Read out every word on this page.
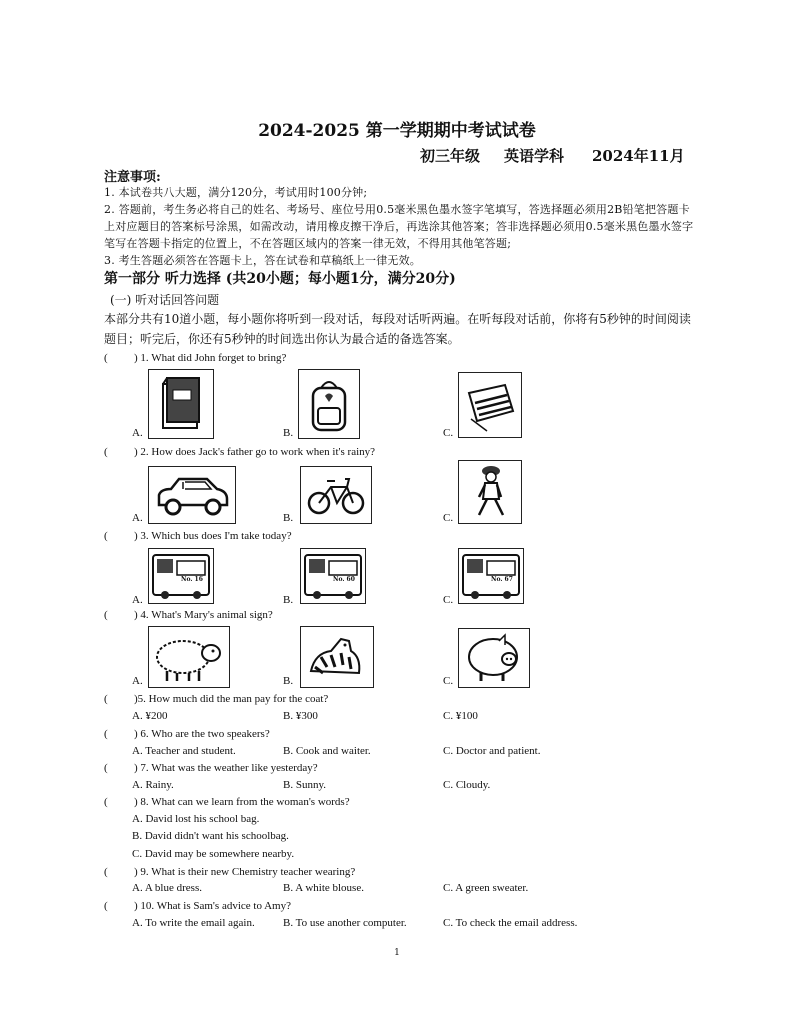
2024-2025 第一学期期中考试试卷
初三年级 英语学科 2024年11月
注意事项:
1. 本试卷共八大题，满分120分，考试用时100分钟;
2. 答题前，考生务必将自己的姓名、考场号、座位号用0.5毫米黑色墨水签字笔填写，答选择题必须用2B铅笔把答题卡上对应题目的答案标号涂黑，如需改动，请用橡皮擦干净后，再选涂其他答案；答非选择题必须用0.5毫米黑色墨水签字笔写在答题卡指定的位置上，不在答题区域内的答案一律无效，不得用其他笔答题;
3. 考生答题必须答在答题卡上，答在试卷和草稿纸上一律无效。
第一部分 听力选择 (共20小题；每小题1分，满分20分)
(一) 听对话回答问题
本部分共有10道小题，每小题你将听到一段对话，每段对话听两遍。在听每段对话前，你将有5秒钟的时间阅读题目；听完后，你还有5秒钟的时间选出你认为最合适的备选答案。
( ) 1. What did John forget to bring?
A.	B.	C.
( ) 2. How does Jack's father go to work when it's rainy?
A.	B.	C.
( ) 3. Which bus does I'm take today?
A.	B.	C.
No. 16	No. 60	No. 67
( ) 4. What's Mary's animal sign?
A.	B.	C.
( )5. How much did the man pay for the coat?
A. ¥200	B. ¥300	C. ¥100
( ) 6. Who are the two speakers?
A. Teacher and student.	B. Cook and waiter.	C. Doctor and patient.
( ) 7. What was the weather like yesterday?
A. Rainy.	B. Sunny.	C. Cloudy.
( ) 8. What can we learn from the woman's words?
A. David lost his school bag.
B. David didn't want his schoolbag.
C. David may be somewhere nearby.
( ) 9. What is their new Chemistry teacher wearing?
A. A blue dress.	B. A white blouse.	C. A green sweater.
( ) 10. What is Sam's advice to Amy?
A. To write the email again.	B. To use another computer.	C. To check the email address.
1
